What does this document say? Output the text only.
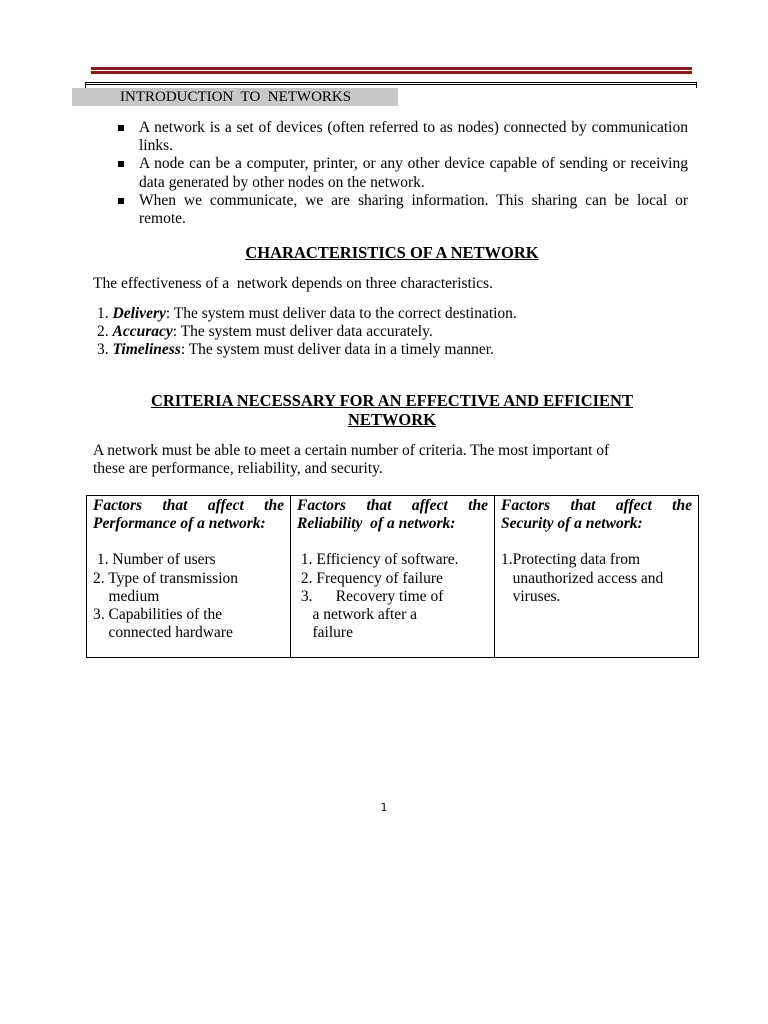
INTRODUCTION  TO  NETWORKS
A network is a set of devices (often referred to as nodes) connected by communication links.
A node can be a computer, printer, or any other device capable of sending or receiving data generated by other nodes on the network.
When we communicate, we are sharing information. This sharing can be local or remote.
CHARACTERISTICS OF A NETWORK

The effectiveness of a  network depends on three characteristics.

1. Delivery: The system must deliver data to the correct destination.
2. Accuracy: The system must deliver data accurately.
3. Timeliness: The system must deliver data in a timely manner.
CRITERIA NECESSARY FOR AN EFFECTIVE AND EFFICIENT
NETWORK

A network must be able to meet a certain number of criteria. The most important of
these are performance, reliability, and security.

Factors that affect the
Performance of a network:
1. Number of users
2. Type of transmission
medium
3. Capabilities of the
connected hardware

Factors that affect the
Reliability  of a network:
1. Efficiency of software.
2. Frequency of failure
3.      Recovery time of
a network after a
failure

Factors that affect the
Security of a network:
1.Protecting data from
unauthorized access and
viruses.
1
